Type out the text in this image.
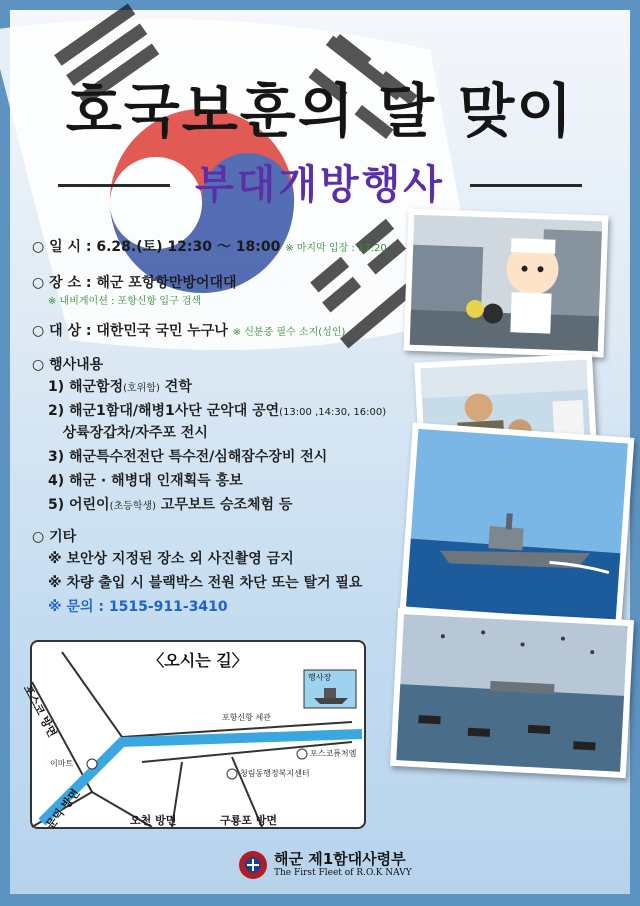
호국보훈의 달 맞이
부대개방행사
○ 일 시 : 6.28.(토) 12:30 ～ 18:00 ※ 마지막 입장 : 17:20
○ 장 소 : 해군 포항항만방어대대
※ 내비게이션 : 포항신항 입구 검색
○ 대 상 : 대한민국 국민 누구나 ※ 신분증 필수 소지(성인)
○ 행사내용
1) 해군함정(호위함) 견학
2) 해군1함대/해병1사단 군악대 공연(13:00 ,14:30, 16:00)
상륙장갑차/자주포 전시
3) 해군특수전전단 특수전/심해잠수장비 전시
4) 해군 · 해병대 인재획득 홍보
5) 어린이(초등학생) 고무보트 승조체험 등
○ 기타
※ 보안상 지정된 장소 외 사진촬영 금지
※ 차량 출입 시 블랙박스 전원 차단 또는 탈거 필요
※ 문의 : 1515-911-3410
〈오시는 길〉
행사장
포항신항 세관
이마트
포스코퓨처엠
청림동행정복지센터
포스코 방면
문덕 방면	오천 방면	구룡포 방면
해군 제1함대사령부
The First Fleet of R.O.K NAVY
